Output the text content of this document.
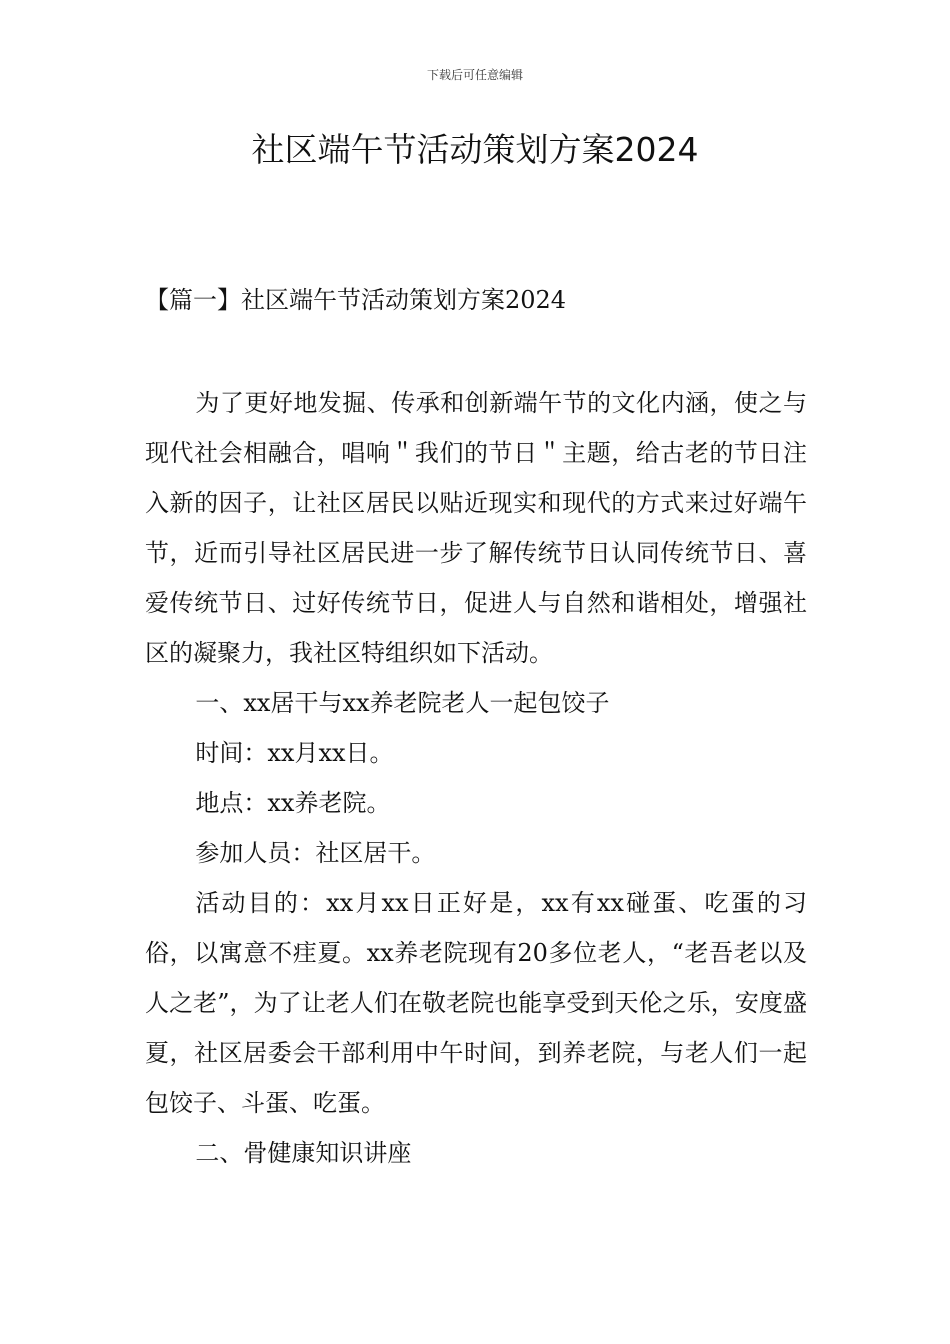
下载后可任意编辑
社区端午节活动策划方案2024
【篇一】社区端午节活动策划方案2024

为了更好地发掘、传承和创新端午节的文化内涵，使之与现代社会相融合，唱响＂我们的节日＂主题，给古老的节日注入新的因子，让社区居民以贴近现实和现代的方式来过好端午节，近而引导社区居民进一步了解传统节日认同传统节日、喜爱传统节日、过好传统节日，促进人与自然和谐相处，增强社区的凝聚力，我社区特组织如下活动。

一、xx居干与xx养老院老人一起包饺子

时间：xx月xx日。

地点：xx养老院。

参加人员：社区居干。

活动目的：xx月xx日正好是，xx有xx碰蛋、吃蛋的习俗，以寓意不疰夏。xx养老院现有20多位老人，“老吾老以及人之老”，为了让老人们在敬老院也能享受到天伦之乐，安度盛夏，社区居委会干部利用中午时间，到养老院，与老人们一起包饺子、斗蛋、吃蛋。

二、骨健康知识讲座
